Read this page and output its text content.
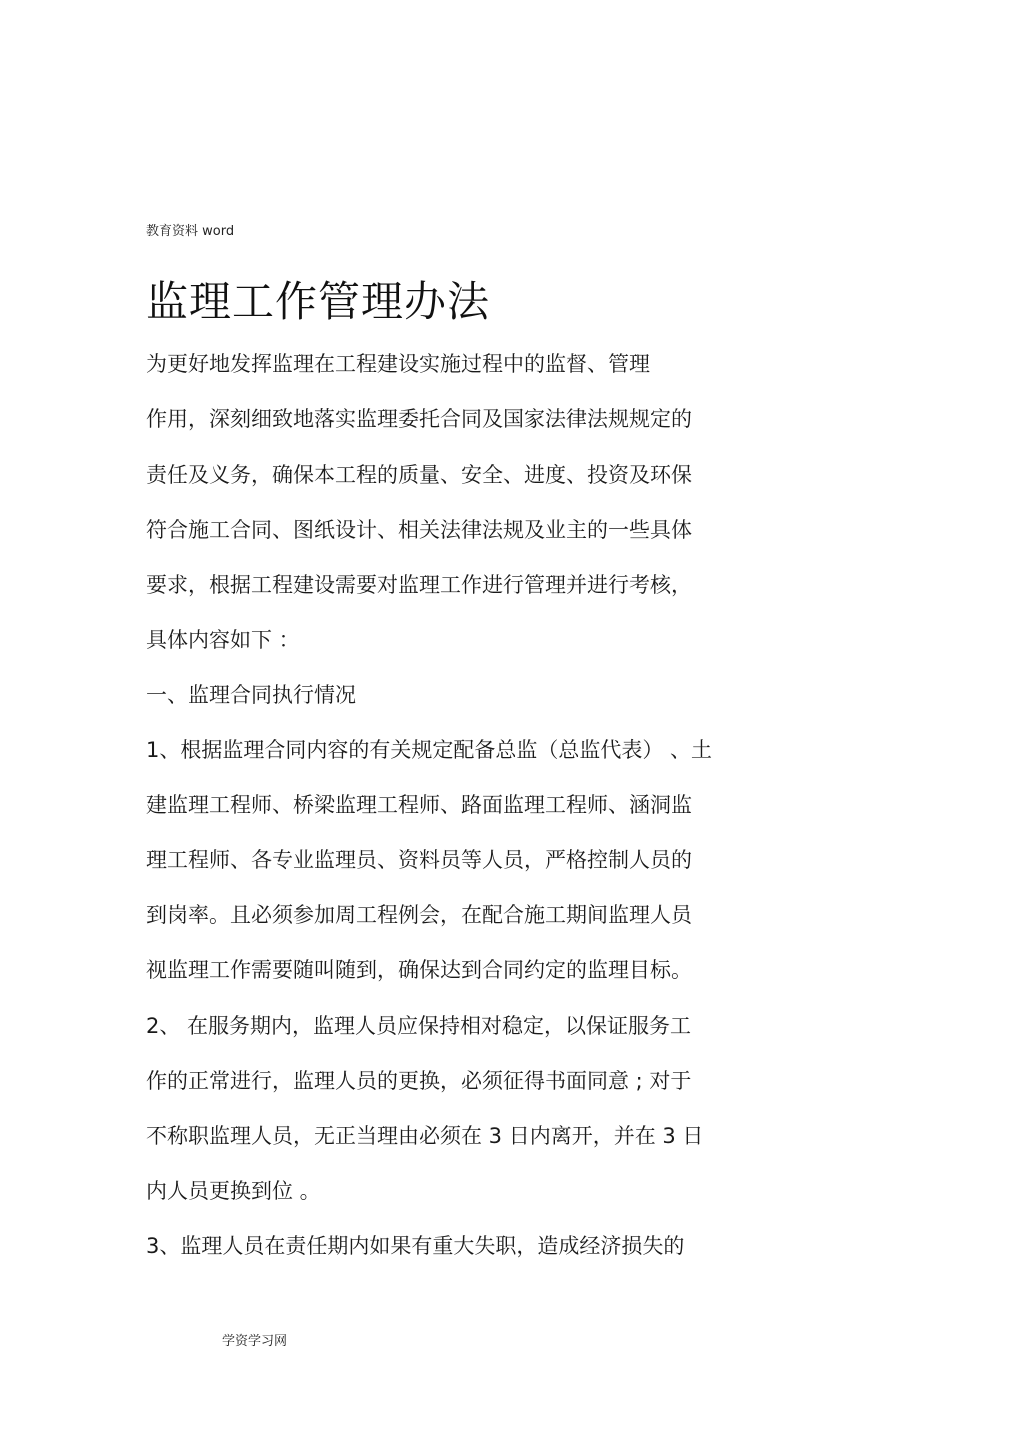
教育资料 word
监理工作管理办法
为更好地发挥监理在工程建设实施过程中的监督、管理
作用，深刻细致地落实监理委托合同及国家法律法规规定的
责任及义务，确保本工程的质量、安全、进度、投资及环保
符合施工合同、图纸设计、相关法律法规及业主的一些具体
要求，根据工程建设需要对监理工作进行管理并进行考核，
具体内容如下 ：
一、监理合同执行情况
1、根据监理合同内容的有关规定配备总监（总监代表） 、土
建监理工程师、桥梁监理工程师、路面监理工程师、涵洞监
理工程师、各专业监理员、资料员等人员，严格控制人员的
到岗率。且必须参加周工程例会，在配合施工期间监理人员
视监理工作需要随叫随到，确保达到合同约定的监理目标。
2、 在服务期内，监理人员应保持相对稳定，以保证服务工
作的正常进行，监理人员的更换，必须征得书面同意 ; 对于
不称职监理人员，无正当理由必须在 3 日内离开，并在 3 日
内人员更换到位 。
3、监理人员在责任期内如果有重大失职，造成经济损失的
学资学习网
